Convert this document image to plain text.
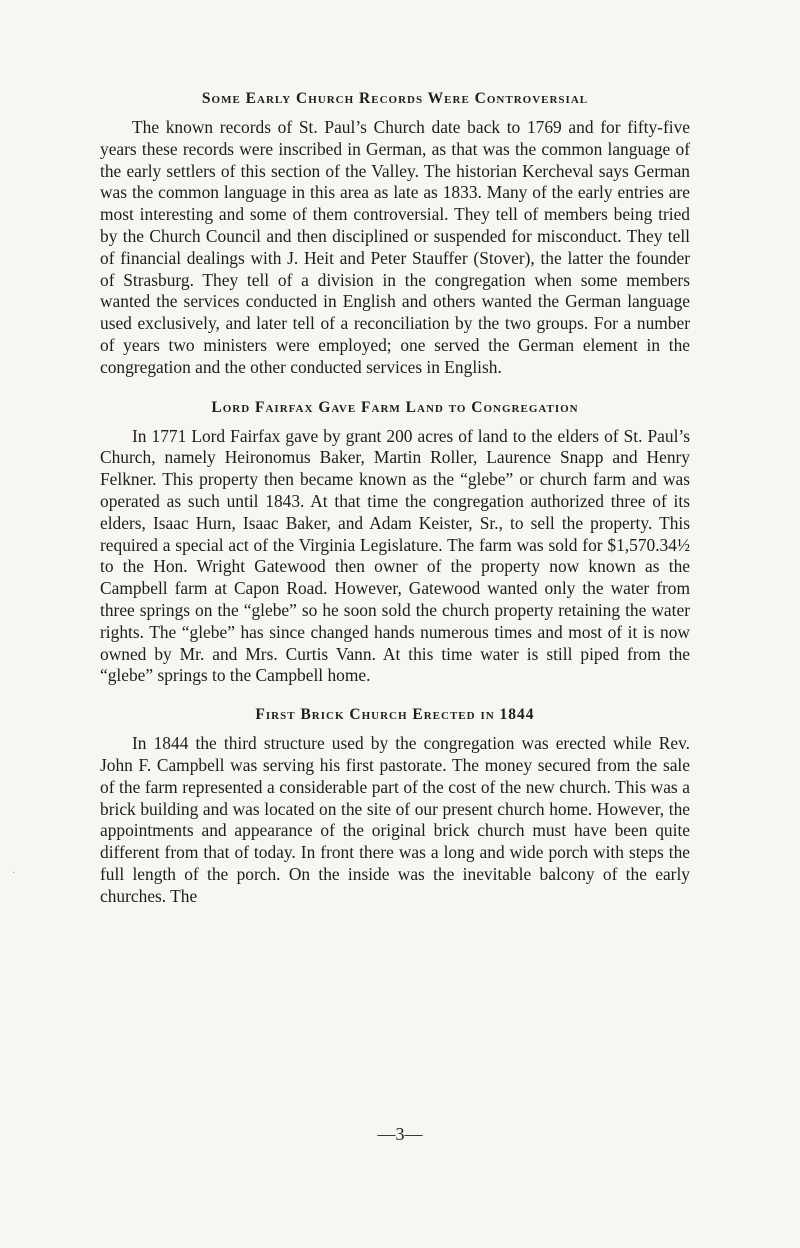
Some Early Church Records Were Controversial

The known records of St. Paul’s Church date back to 1769 and for fifty-five years these records were inscribed in German, as that was the common language of the early settlers of this section of the Valley. The historian Kercheval says German was the common language in this area as late as 1833. Many of the early entries are most interesting and some of them controversial. They tell of members being tried by the Church Council and then disciplined or suspended for misconduct. They tell of financial dealings with J. Heit and Peter Stauffer (Stover), the latter the founder of Strasburg. They tell of a division in the congregation when some members wanted the services conducted in English and others wanted the German language used exclusively, and later tell of a reconciliation by the two groups. For a number of years two ministers were employed; one served the German element in the congregation and the other conducted services in English.

Lord Fairfax Gave Farm Land to Congregation

In 1771 Lord Fairfax gave by grant 200 acres of land to the elders of St. Paul’s Church, namely Heironomus Baker, Martin Roller, Laurence Snapp and Henry Felkner. This property then became known as the “glebe” or church farm and was operated as such until 1843. At that time the congregation authorized three of its elders, Isaac Hurn, Isaac Baker, and Adam Keister, Sr., to sell the property. This required a special act of the Virginia Legislature. The farm was sold for $1,570.34½ to the Hon. Wright Gatewood then owner of the property now known as the Campbell farm at Capon Road. However, Gatewood wanted only the water from three springs on the “glebe” so he soon sold the church property retaining the water rights. The “glebe” has since changed hands numerous times and most of it is now owned by Mr. and Mrs. Curtis Vann. At this time water is still piped from the “glebe” springs to the Campbell home.

First Brick Church Erected in 1844

In 1844 the third structure used by the congregation was erected while Rev. John F. Campbell was serving his first pastorate. The money secured from the sale of the farm represented a considerable part of the cost of the new church. This was a brick building and was located on the site of our present church home. However, the appointments and appearance of the original brick church must have been quite different from that of today. In front there was a long and wide porch with steps the full length of the porch. On the inside was the inevitable balcony of the early churches. The

·
—3—
